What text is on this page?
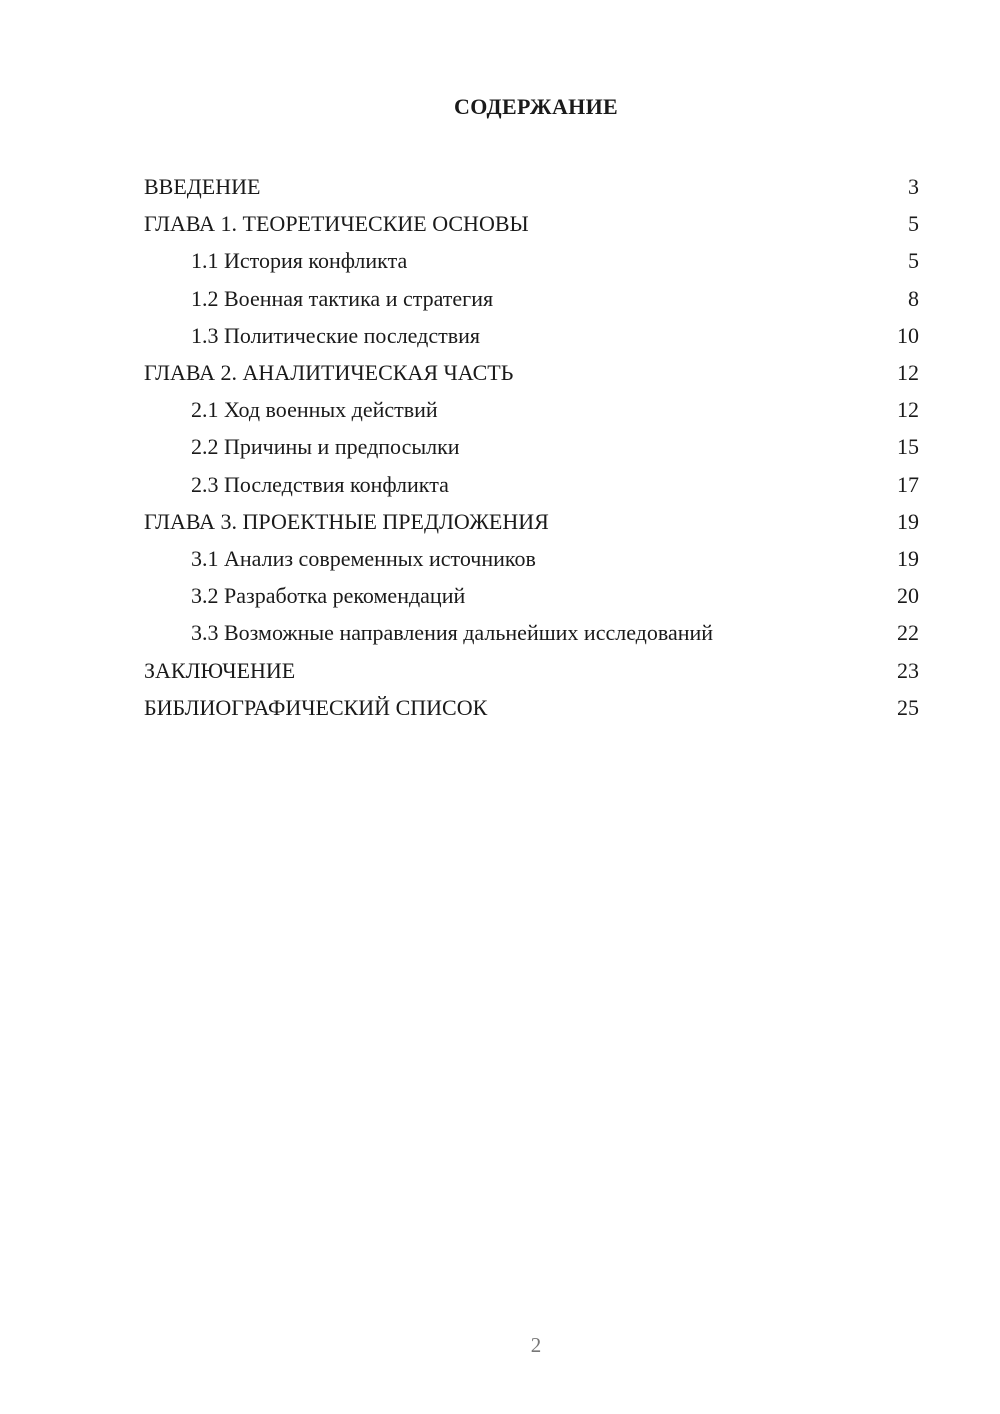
СОДЕРЖАНИЕ
ВВЕДЕНИЕ	3
ГЛАВА 1. ТЕОРЕТИЧЕСКИЕ ОСНОВЫ	5
1.1 История конфликта	5
1.2 Военная тактика и стратегия	8
1.3 Политические последствия	10
ГЛАВА 2. АНАЛИТИЧЕСКАЯ ЧАСТЬ	12
2.1 Ход военных действий	12
2.2 Причины и предпосылки	15
2.3 Последствия конфликта	17
ГЛАВА 3. ПРОЕКТНЫЕ ПРЕДЛОЖЕНИЯ	19
3.1 Анализ современных источников	19
3.2 Разработка рекомендаций	20
3.3 Возможные направления дальнейших исследований	22
ЗАКЛЮЧЕНИЕ	23
БИБЛИОГРАФИЧЕСКИЙ СПИСОК	25
2
